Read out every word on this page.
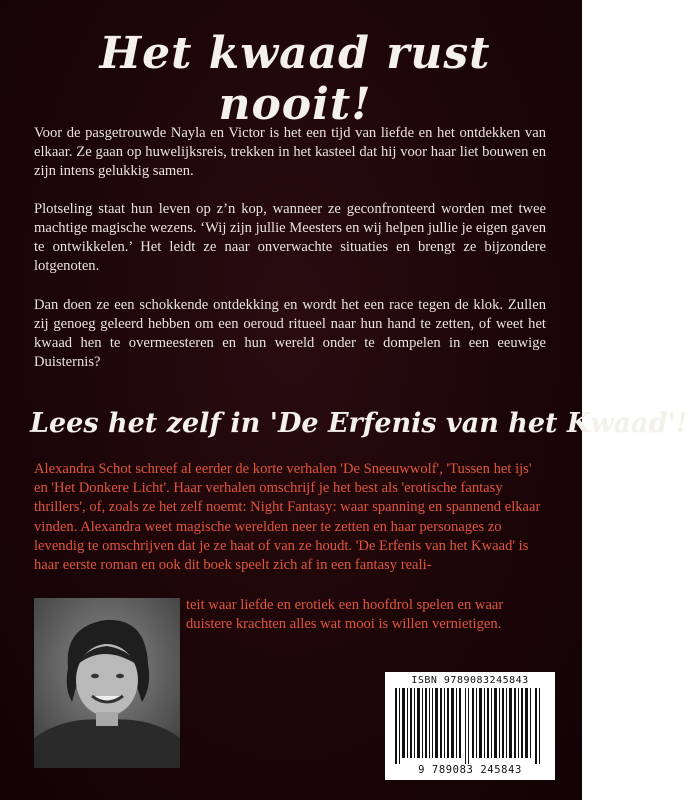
Het kwaad rust nooit!

Voor de pasgetrouwde Nayla en Victor is het een tijd van liefde en het ontdekken van elkaar. Ze gaan op huwelijksreis, trekken in het kasteel dat hij voor haar liet bouwen en zijn intens gelukkig samen.

Plotseling staat hun leven op z’n kop, wanneer ze geconfronteerd worden met twee machtige magische wezens. ‘Wij zijn jullie Meesters en wij helpen jullie je eigen gaven te ontwikkelen.’ Het leidt ze naar onverwachte situaties en brengt ze bijzondere lotgenoten.

Dan doen ze een schokkende ontdekking en wordt het een race tegen de klok. Zullen zij genoeg geleerd hebben om een oeroud ritueel naar hun hand te zetten, of weet het kwaad hen te overmeesteren en hun wereld onder te dompelen in een eeuwige Duisternis?

Lees het zelf in 'De Erfenis van het Kwaad'!

Alexandra Schot schreef al eerder de korte verhalen 'De Sneeuwwolf', 'Tussen het ijs' en 'Het Donkere Licht'. Haar verhalen omschrijf je het best als 'erotische fantasy thrillers', of, zoals ze het zelf noemt: Night Fantasy: waar spanning en spannend elkaar vinden. Alexandra weet magische werelden neer te zetten en haar personages zo levendig te omschrijven dat je ze haat of van ze houdt. 'De Erfenis van het Kwaad' is haar eerste roman en ook dit boek speelt zich af in een fantasy reali-

teit waar liefde en erotiek een hoofdrol spelen en waar duistere krachten alles wat mooi is willen vernietigen.

ISBN 9789083245843
9 789083 245843
